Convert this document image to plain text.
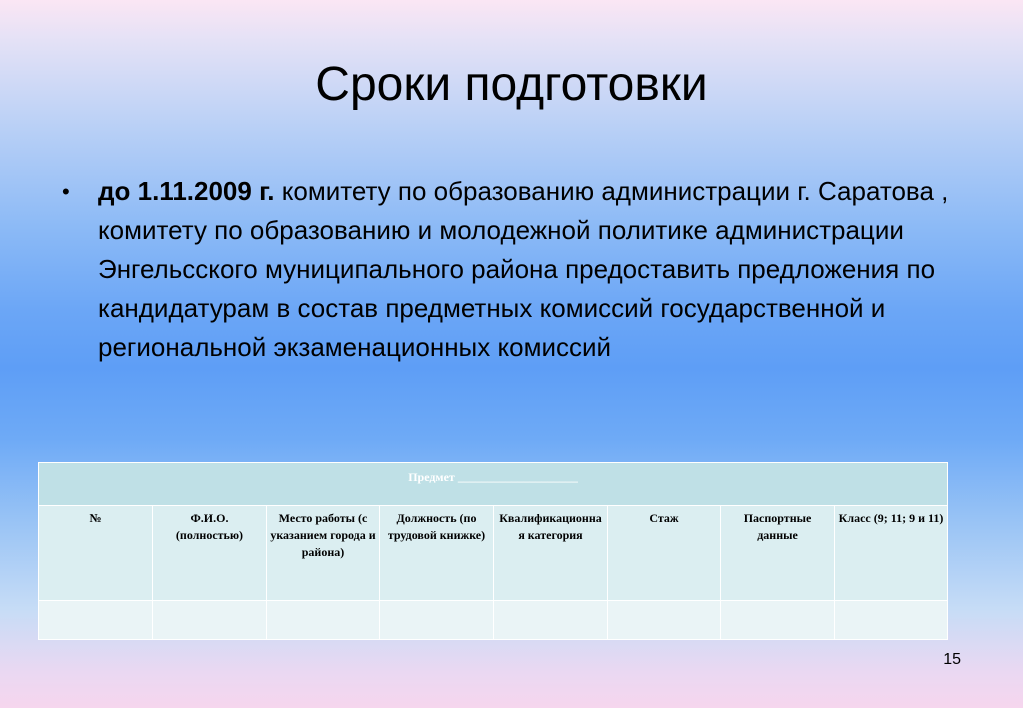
Сроки подготовки
• до 1.11.2009 г. комитету по образованию администрации г. Саратова , комитету по образованию и молодежной политике администрации Энгельсского муниципального района предоставить предложения по кандидатурам в состав предметных комиссий государственной и региональной экзаменационных комиссий
Предмет ____________________							
№	Ф.И.О. (полностью)	Место работы (с указанием города и района)	Должность (по трудовой книжке)	Квалификационная категория	Стаж	Паспортные данные	Класс (9; 11; 9 и 11)

15
